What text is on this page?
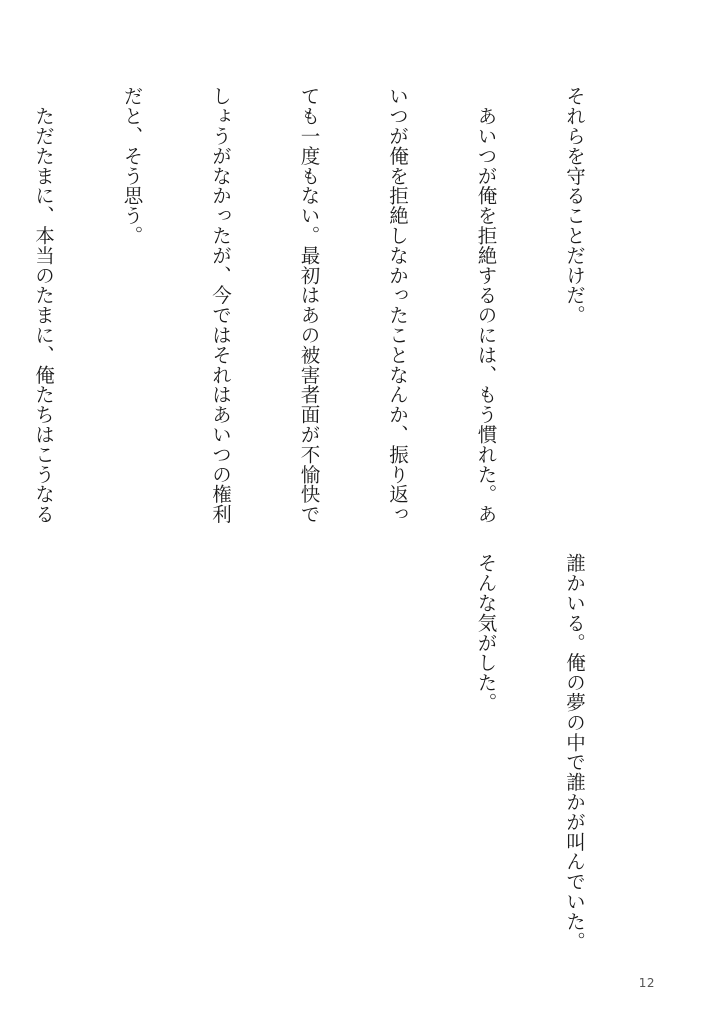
それらを守ることだけだ。

　あいつが俺を拒絶するのには、もう慣れた。あ

いつが俺を拒絶しなかったことなんか、振り返っ

ても一度もない。最初はあの被害者面が不愉快で

しょうがなかったが、今ではそれはあいつの権利

だと、そう思う。

　ただたまに、本当のたまに、俺たちはこうなる

誰かいる。俺の夢の中で誰かが叫んでいた。

そんな気がした。

12
